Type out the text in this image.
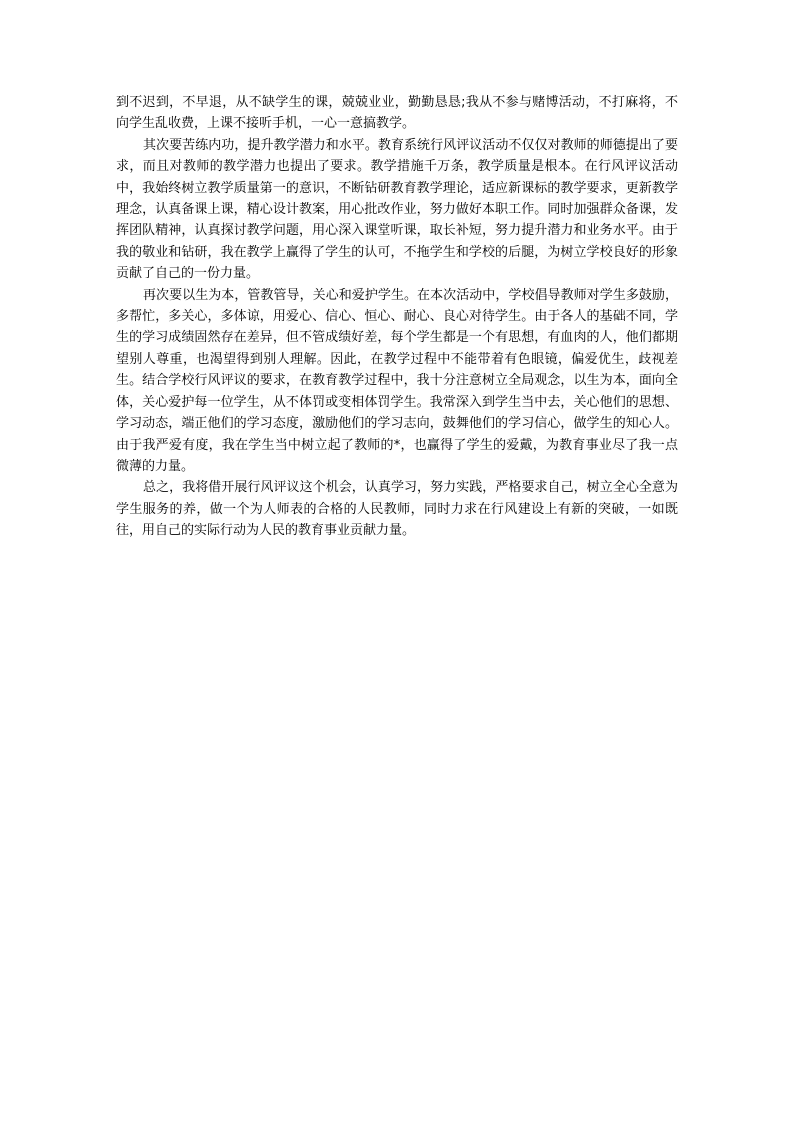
到不迟到，不早退，从不缺学生的课，兢兢业业，勤勤恳恳;我从不参与赌博活动，不打麻将，不向学生乱收费，上课不接听手机，一心一意搞教学。

其次要苦练内功，提升教学潜力和水平。教育系统行风评议活动不仅仅对教师的师德提出了要求，而且对教师的教学潜力也提出了要求。教学措施千万条，教学质量是根本。在行风评议活动中，我始终树立教学质量第一的意识，不断钻研教育教学理论，适应新课标的教学要求，更新教学理念，认真备课上课，精心设计教案，用心批改作业，努力做好本职工作。同时加强群众备课，发挥团队精神，认真探讨教学问题，用心深入课堂听课，取长补短，努力提升潜力和业务水平。由于我的敬业和钻研，我在教学上赢得了学生的认可，不拖学生和学校的后腿，为树立学校良好的形象贡献了自己的一份力量。

再次要以生为本，管教管导，关心和爱护学生。在本次活动中，学校倡导教师对学生多鼓励，多帮忙，多关心，多体谅，用爱心、信心、恒心、耐心、良心对待学生。由于各人的基础不同，学生的学习成绩固然存在差异，但不管成绩好差，每个学生都是一个有思想，有血肉的人，他们都期望别人尊重，也渴望得到别人理解。因此，在教学过程中不能带着有色眼镜，偏爱优生，歧视差生。结合学校行风评议的要求，在教育教学过程中，我十分注意树立全局观念，以生为本，面向全体，关心爱护每一位学生，从不体罚或变相体罚学生。我常深入到学生当中去，关心他们的思想、学习动态，端正他们的学习态度，激励他们的学习志向，鼓舞他们的学习信心，做学生的知心人。由于我严爱有度，我在学生当中树立起了教师的*，也赢得了学生的爱戴，为教育事业尽了我一点微薄的力量。

总之，我将借开展行风评议这个机会，认真学习，努力实践，严格要求自己，树立全心全意为学生服务的养，做一个为人师表的合格的人民教师，同时力求在行风建设上有新的突破，一如既往，用自己的实际行动为人民的教育事业贡献力量。
